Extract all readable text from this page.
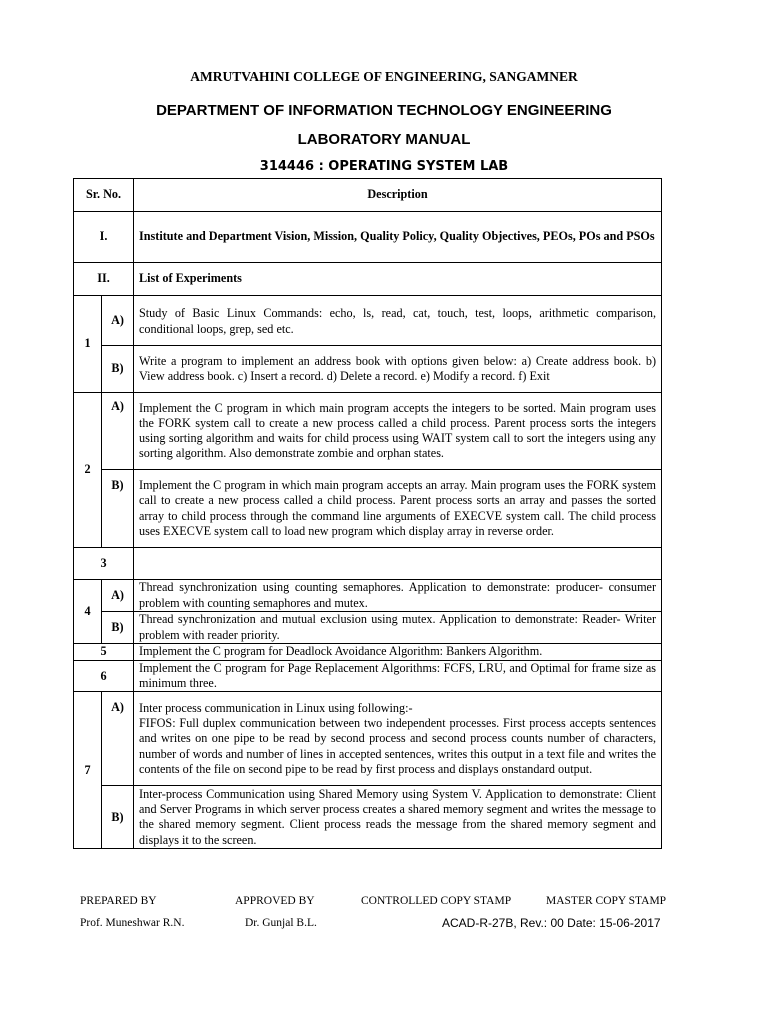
AMRUTVAHINI COLLEGE OF ENGINEERING, SANGAMNER
DEPARTMENT OF INFORMATION TECHNOLOGY ENGINEERING
LABORATORY MANUAL
314446 : OPERATING SYSTEM LAB
Sr. No.		Description
I.		Institute and Department Vision, Mission, Quality Policy, Quality Objectives, PEOs, POs and PSOs
II.		List of Experiments
1	A)	Study of Basic Linux Commands: echo, ls, read, cat, touch, test, loops, arithmetic comparison, conditional loops, grep, sed etc.
	B)	Write a program to implement an address book with options given below: a) Create address book. b) View address book. c) Insert a record. d) Delete a record. e) Modify a record. f) Exit
2	A)	Implement the C program in which main program accepts the integers to be sorted. Main program uses the FORK system call to create a new process called a child process. Parent process sorts the integers using sorting algorithm and waits for child process using WAIT system call to sort the integers using any sorting algorithm. Also demonstrate zombie and orphan states.
	B)	Implement the C program in which main program accepts an array. Main program uses the FORK system call to create a new process called a child process. Parent process sorts an array and passes the sorted array to child process through the command line arguments of EXECVE system call. The child process uses EXECVE system call to load new program which display array in reverse order.
3		
4	A)	Thread synchronization using counting semaphores. Application to demonstrate: producer- consumer problem with counting semaphores and mutex.
	B)	Thread synchronization and mutual exclusion using mutex. Application to demonstrate: Reader- Writer problem with reader priority.
5		Implement the C program for Deadlock Avoidance Algorithm: Bankers Algorithm.
6		Implement the C program for Page Replacement Algorithms: FCFS, LRU, and Optimal for frame size as minimum three.
7	A)	Inter process communication in Linux using following:-
FIFOS: Full duplex communication between two independent processes. First process accepts sentences and writes on one pipe to be read by second process and second process counts number of characters, number of words and number of lines in accepted sentences, writes this output in a text file and writes the contents of the file on second pipe to be read by first process and displays onstandard output.

	B)	Inter-process Communication using Shared Memory using System V. Application to demonstrate: Client and Server Programs in which server process creates a shared memory segment and writes the message to the shared memory segment. Client process reads the message from the shared memory segment and displays it to the screen.
PREPARED BY	APPROVED BY	CONTROLLED COPY STAMP	MASTER COPY STAMP
Prof. Muneshwar R.N.	Dr. Gunjal B.L.	ACAD-R-27B, Rev.: 00 Date: 15-06-2017
